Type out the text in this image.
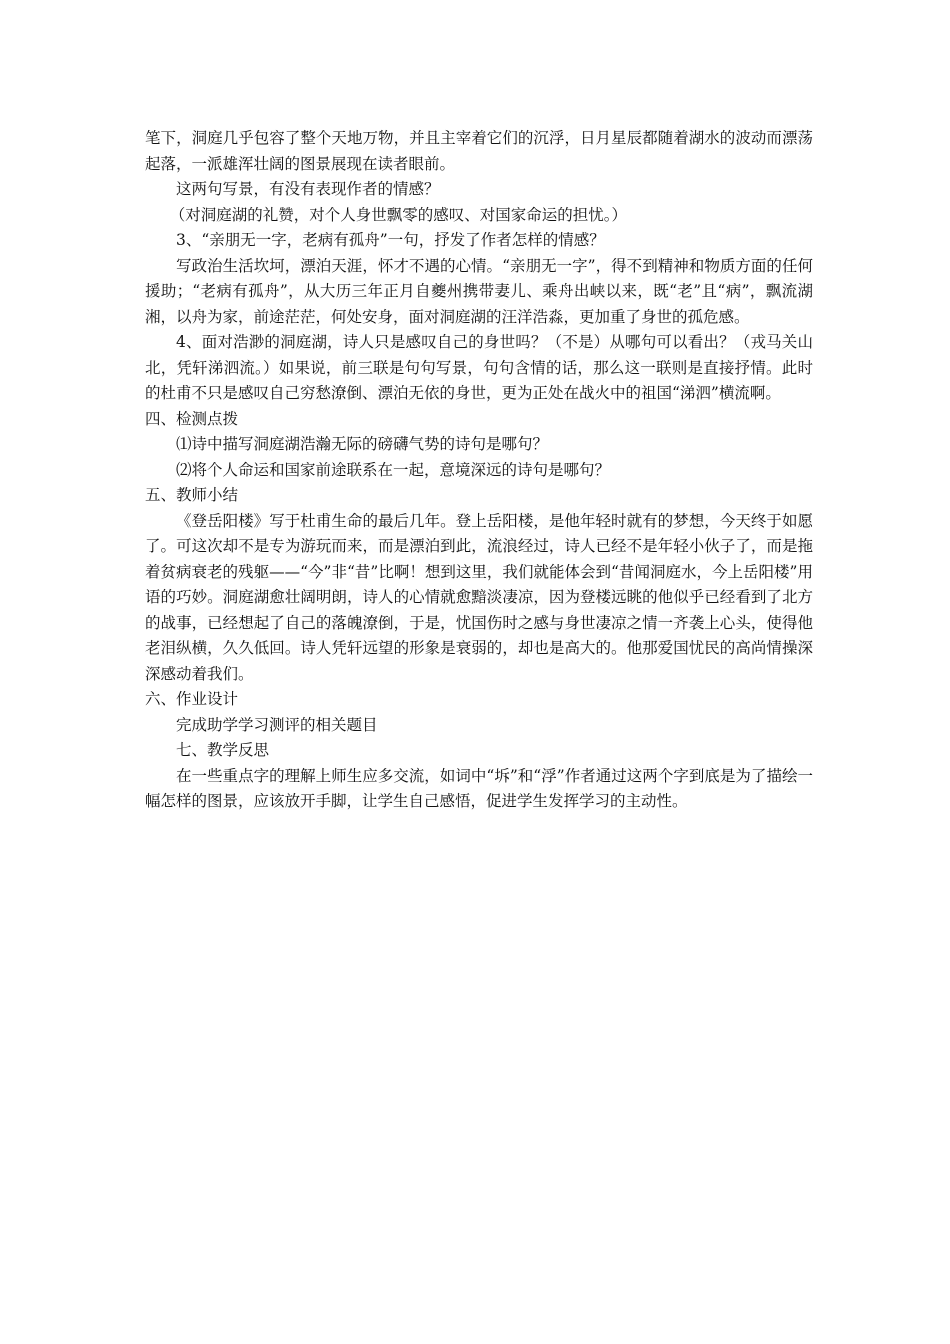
笔下，洞庭几乎包容了整个天地万物，并且主宰着它们的沉浮，日月星辰都随着湖水的波动而漂荡起落，一派雄浑壮阔的图景展现在读者眼前。

这两句写景，有没有表现作者的情感？

（对洞庭湖的礼赞，对个人身世飘零的感叹、对国家命运的担忧。）

3、“亲朋无一字，老病有孤舟”一句，抒发了作者怎样的情感？

写政治生活坎坷，漂泊天涯，怀才不遇的心情。“亲朋无一字”，得不到精神和物质方面的任何援助；“老病有孤舟”，从大历三年正月自夔州携带妻儿、乘舟出峡以来，既“老”且“病”，飘流湖湘，以舟为家，前途茫茫，何处安身，面对洞庭湖的汪洋浩淼，更加重了身世的孤危感。

4、面对浩渺的洞庭湖，诗人只是感叹自己的身世吗？（不是）从哪句可以看出？（戎马关山北，凭轩涕泗流。）如果说，前三联是句句写景，句句含情的话，那么这一联则是直接抒情。此时的杜甫不只是感叹自己穷愁潦倒、漂泊无依的身世，更为正处在战火中的祖国“涕泗”横流啊。

四、检测点拨

⑴诗中描写洞庭湖浩瀚无际的磅礴气势的诗句是哪句？

⑵将个人命运和国家前途联系在一起，意境深远的诗句是哪句？

五、教师小结

《登岳阳楼》写于杜甫生命的最后几年。登上岳阳楼，是他年轻时就有的梦想，今天终于如愿了。可这次却不是专为游玩而来，而是漂泊到此，流浪经过，诗人已经不是年轻小伙子了，而是拖着贫病衰老的残躯——“今”非“昔”比啊！想到这里，我们就能体会到“昔闻洞庭水，今上岳阳楼”用语的巧妙。洞庭湖愈壮阔明朗，诗人的心情就愈黯淡凄凉，因为登楼远眺的他似乎已经看到了北方的战事，已经想起了自己的落魄潦倒，于是，忧国伤时之感与身世凄凉之情一齐袭上心头，使得他老泪纵横，久久低回。诗人凭轩远望的形象是衰弱的，却也是高大的。他那爱国忧民的高尚情操深深感动着我们。

六、作业设计

完成助学学习测评的相关题目

七、教学反思

在一些重点字的理解上师生应多交流，如词中“坼”和“浮”作者通过这两个字到底是为了描绘一幅怎样的图景，应该放开手脚，让学生自己感悟，促进学生发挥学习的主动性。
